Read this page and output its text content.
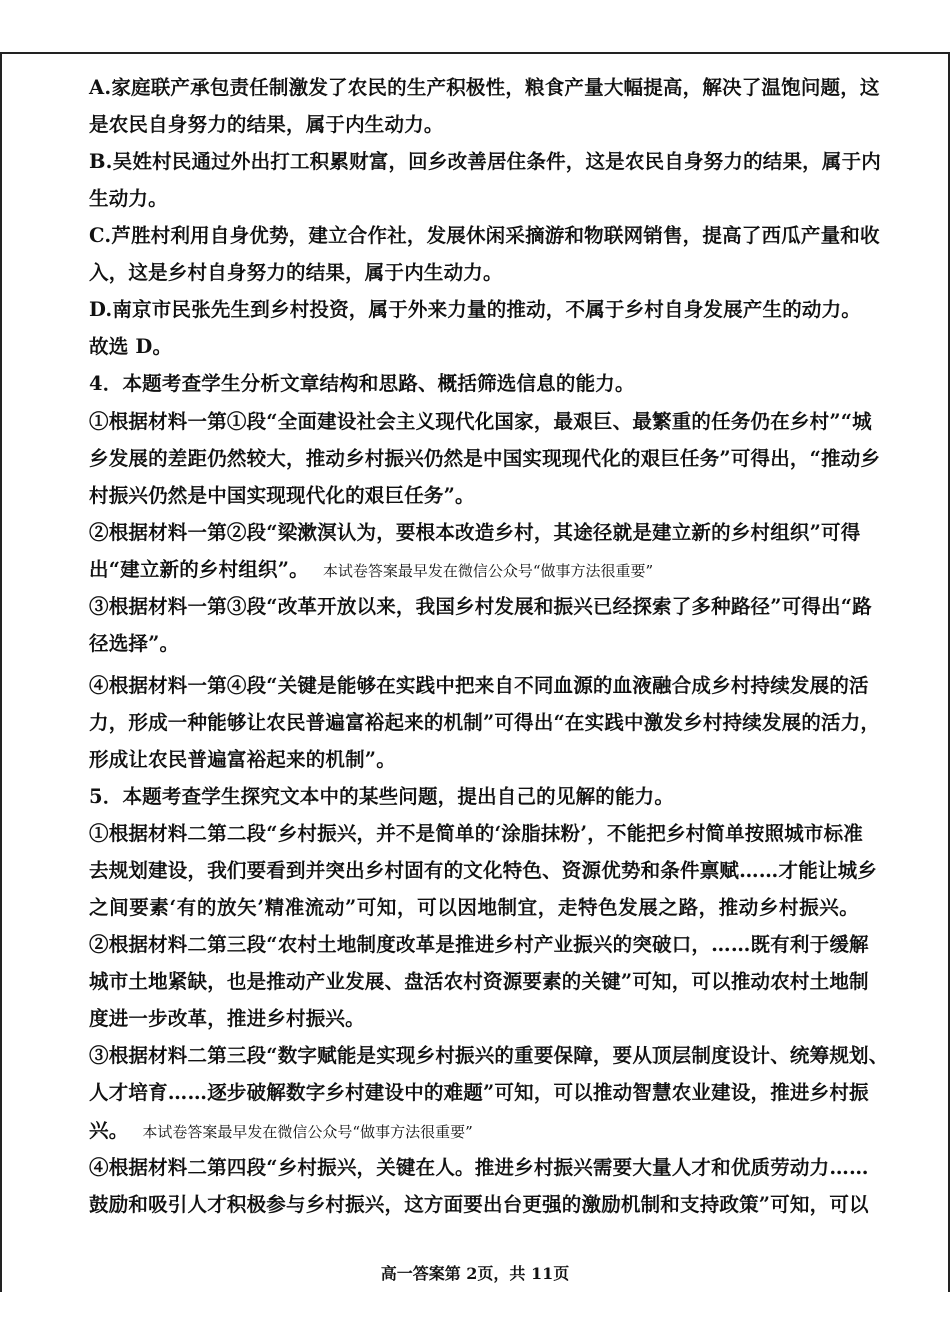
A.家庭联产承包责任制激发了农民的生产积极性，粮食产量大幅提高，解决了温饱问题，这
是农民自身努力的结果，属于内生动力。
B.吴姓村民通过外出打工积累财富，回乡改善居住条件，这是农民自身努力的结果，属于内
生动力。
C.芦胜村利用自身优势，建立合作社，发展休闲采摘游和物联网销售，提高了西瓜产量和收
入，这是乡村自身努力的结果，属于内生动力。
D.南京市民张先生到乡村投资，属于外来力量的推动，不属于乡村自身发展产生的动力。
故选 D。
4．本题考查学生分析文章结构和思路、概括筛选信息的能力。
①根据材料一第①段“全面建设社会主义现代化国家，最艰巨、最繁重的任务仍在乡村”“城
乡发展的差距仍然较大，推动乡村振兴仍然是中国实现现代化的艰巨任务”可得出，“推动乡
村振兴仍然是中国实现现代化的艰巨任务”。
②根据材料一第②段“梁漱溟认为，要根本改造乡村，其途径就是建立新的乡村组织”可得
出“建立新的乡村组织”。 本试卷答案最早发在微信公众号“做事方法很重要”
③根据材料一第③段“改革开放以来，我国乡村发展和振兴已经探索了多种路径”可得出“路
径选择”。
④根据材料一第④段“关键是能够在实践中把来自不同血源的血液融合成乡村持续发展的活
力，形成一种能够让农民普遍富裕起来的机制”可得出“在实践中激发乡村持续发展的活力，
形成让农民普遍富裕起来的机制”。
5．本题考查学生探究文本中的某些问题，提出自己的见解的能力。
①根据材料二第二段“乡村振兴，并不是简单的‘涂脂抹粉’，不能把乡村简单按照城市标准
去规划建设，我们要看到并突出乡村固有的文化特色、资源优势和条件禀赋……才能让城乡
之间要素‘有的放矢’精准流动”可知，可以因地制宜，走特色发展之路，推动乡村振兴。
②根据材料二第三段“农村土地制度改革是推进乡村产业振兴的突破口，……既有利于缓解
城市土地紧缺，也是推动产业发展、盘活农村资源要素的关键”可知，可以推动农村土地制
度进一步改革，推进乡村振兴。
③根据材料二第三段“数字赋能是实现乡村振兴的重要保障，要从顶层制度设计、统筹规划、
人才培育……逐步破解数字乡村建设中的难题”可知，可以推动智慧农业建设，推进乡村振
兴。 本试卷答案最早发在微信公众号“做事方法很重要”
④根据材料二第四段“乡村振兴，关键在人。推进乡村振兴需要大量人才和优质劳动力……
鼓励和吸引人才积极参与乡村振兴，这方面要出台更强的激励机制和支持政策”可知，可以
高一答案第 2页，共 11页
